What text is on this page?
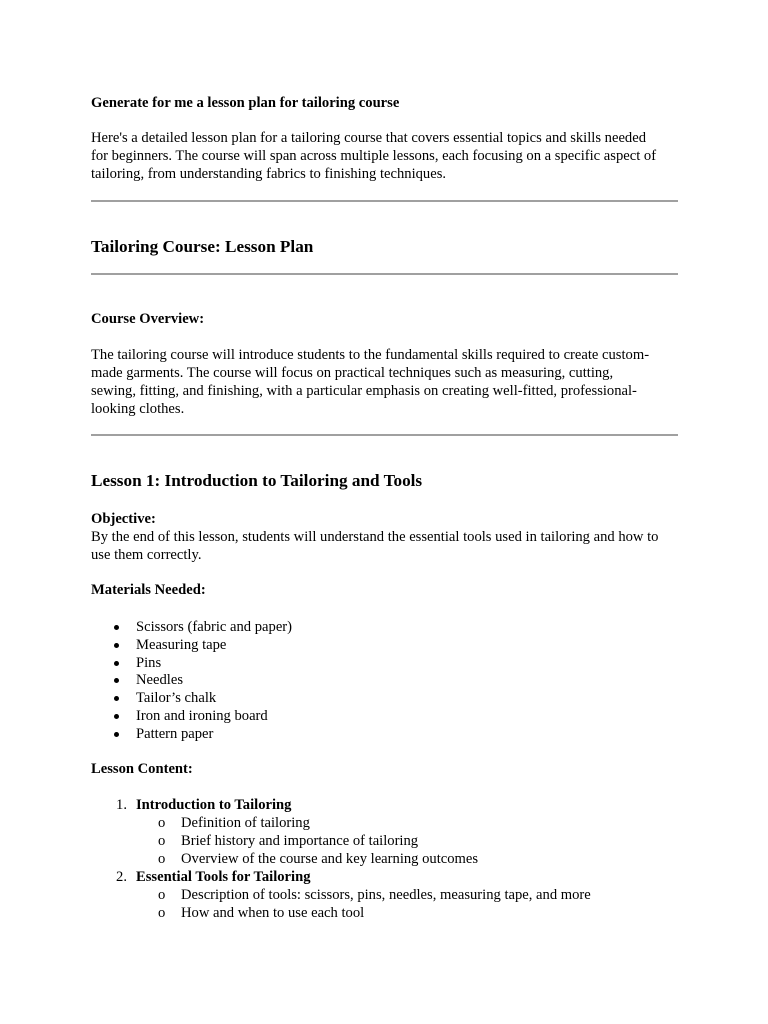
Generate for me a lesson plan for tailoring course

Here's a detailed lesson plan for a tailoring course that covers essential topics and skills needed

for beginners. The course will span across multiple lessons, each focusing on a specific aspect of

tailoring, from understanding fabrics to finishing techniques.

Tailoring Course: Lesson Plan

Course Overview:

The tailoring course will introduce students to the fundamental skills required to create custom-

made garments. The course will focus on practical techniques such as measuring, cutting,

sewing, fitting, and finishing, with a particular emphasis on creating well-fitted, professional-

looking clothes.

Lesson 1: Introduction to Tailoring and Tools

Objective:

By the end of this lesson, students will understand the essential tools used in tailoring and how to

use them correctly.

Materials Needed:

Scissors (fabric and paper)
Measuring tape
Pins
Needles
Tailor’s chalk
Iron and ironing board
Pattern paper

Lesson Content:

1. Introduction to Tailoring
o Definition of tailoring
o Brief history and importance of tailoring
o Overview of the course and key learning outcomes
2. Essential Tools for Tailoring
o Description of tools: scissors, pins, needles, measuring tape, and more
o How and when to use each tool
